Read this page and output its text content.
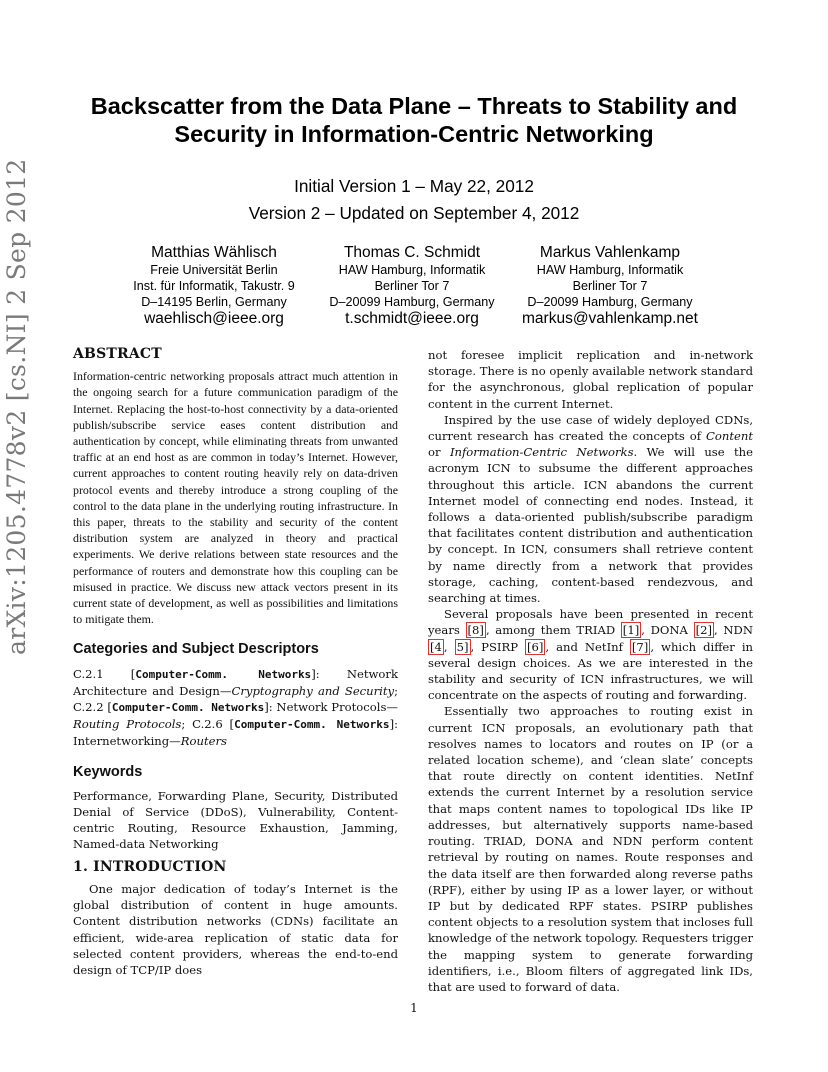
arXiv:1205.4778v2 [cs.NI] 2 Sep 2012
Backscatter from the Data Plane – Threats to Stability and
Security in Information-Centric Networking
Initial Version 1 – May 22, 2012
Version 2 – Updated on September 4, 2012
Matthias Wählisch
Freie Universität Berlin
Inst. für Informatik, Takustr. 9
D–14195 Berlin, Germany
waehlisch@ieee.org
Thomas C. Schmidt
HAW Hamburg, Informatik
Berliner Tor 7
D–20099 Hamburg, Germany
t.schmidt@ieee.org
Markus Vahlenkamp
HAW Hamburg, Informatik
Berliner Tor 7
D–20099 Hamburg, Germany
markus@vahlenkamp.net
ABSTRACT

Information-centric networking proposals attract much attention in the ongoing search for a future communication paradigm of the Internet. Replacing the host-to-host connectivity by a data-oriented publish/subscribe service eases content distribution and authentication by concept, while eliminating threats from unwanted traffic at an end host as are common in today’s Internet. However, current approaches to content routing heavily rely on data-driven protocol events and thereby introduce a strong coupling of the control to the data plane in the underlying routing infrastructure. In this paper, threats to the stability and security of the content distribution system are analyzed in theory and practical experiments. We derive relations between state resources and the performance of routers and demonstrate how this coupling can be misused in practice. We discuss new attack vectors present in its current state of development, as well as possibilities and limitations to mitigate them.

Categories and Subject Descriptors

C.2.1 [Computer-Comm. Networks]: Network Architecture and Design—Cryptography and Security; C.2.2 [Computer-Comm. Networks]: Network Protocols—Routing Protocols; C.2.6 [Computer-Comm. Networks]: Internetworking—Routers

Keywords

Performance, Forwarding Plane, Security, Distributed Denial of Service (DDoS), Vulnerability, Content-centric Routing, Resource Exhaustion, Jamming, Named-data Networking

1. INTRODUCTION

One major dedication of today’s Internet is the global distribution of content in huge amounts. Content distribution networks (CDNs) facilitate an efficient, wide-area replication of static data for selected content providers, whereas the end-to-end design of TCP/IP does

not foresee implicit replication and in-network storage. There is no openly available network standard for the asynchronous, global replication of popular content in the current Internet.

Inspired by the use case of widely deployed CDNs, current research has created the concepts of Content or Information-Centric Networks. We will use the acronym ICN to subsume the different approaches throughout this article. ICN abandons the current Internet model of connecting end nodes. Instead, it follows a data-oriented publish/subscribe paradigm that facilitates content distribution and authentication by concept. In ICN, consumers shall retrieve content by name directly from a network that provides storage, caching, content-based rendezvous, and searching at times.

Several proposals have been presented in recent years [8] , among them TRIAD [1] , DONA [2] , NDN [4 , 5] , PSIRP [6] , and NetInf [7] , which differ in several design choices. As we are interested in the stability and security of ICN infrastructures, we will concentrate on the aspects of routing and forwarding.

Essentially two approaches to routing exist in current ICN proposals, an evolutionary path that resolves names to locators and routes on IP (or a related location scheme), and ‘clean slate’ concepts that route directly on content identities. NetInf extends the current Internet by a resolution service that maps content names to topological IDs like IP addresses, but alternatively supports name-based routing. TRIAD, DONA and NDN perform content retrieval by routing on names. Route responses and the data itself are then forwarded along reverse paths (RPF), either by using IP as a lower layer, or without IP but by dedicated RPF states. PSIRP publishes content objects to a resolution system that incloses full knowledge of the network topology. Requesters trigger the mapping system to generate forwarding identifiers, i.e., Bloom filters of aggregated link IDs, that are used to forward of data.

1
